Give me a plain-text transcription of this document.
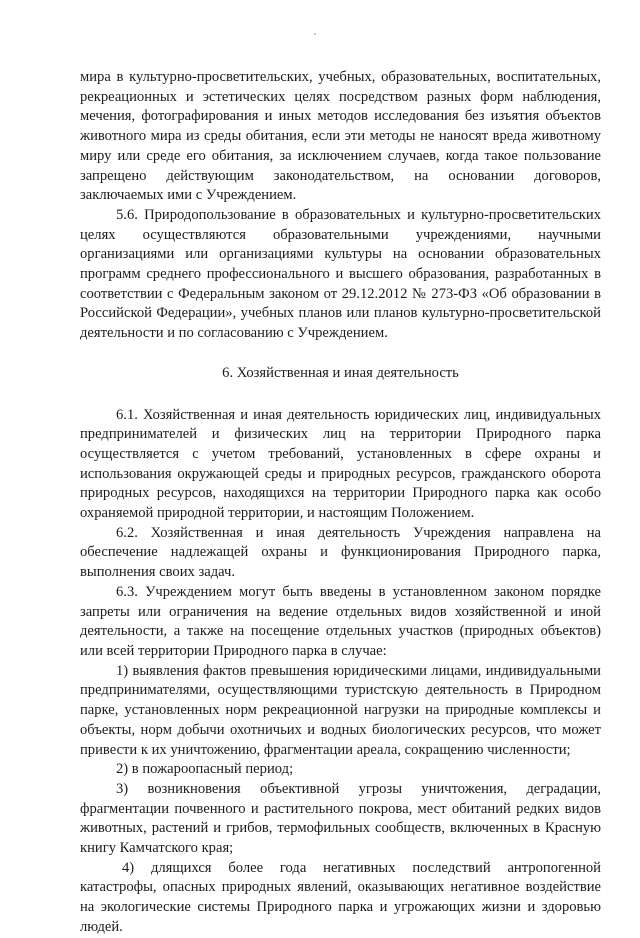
мира в культурно-просветительских, учебных, образовательных, воспитательных, рекреационных и эстетических целях посредством разных форм наблюдения, мечения, фотографирования и иных методов исследования без изъятия объектов животного мира из среды обитания, если эти методы не наносят вреда животному миру или среде его обитания, за исключением случаев, когда такое пользование запрещено действующим законодательством, на основании договоров, заключаемых ими с Учреждением.

5.6. Природопользование в образовательных и культурно-просветительских целях осуществляются образовательными учреждениями, научными организациями или организациями культуры на основании образовательных программ среднего профессионального и высшего образования, разработанных в соответствии с Федеральным законом от 29.12.2012 № 273-ФЗ «Об образовании в Российской Федерации», учебных планов или планов культурно-просветительской деятельности и по согласованию с Учреждением.

6. Хозяйственная и иная деятельность

6.1. Хозяйственная и иная деятельность юридических лиц, индивидуальных предпринимателей и физических лиц на территории Природного парка осуществляется с учетом требований, установленных в сфере охраны и использования окружающей среды и природных ресурсов, гражданского оборота природных ресурсов, находящихся на территории Природного парка как особо охраняемой природной территории, и настоящим Положением.

6.2. Хозяйственная и иная деятельность Учреждения направлена на обеспечение надлежащей охраны и функционирования Природного парка, выполнения своих задач.

6.3. Учреждением могут быть введены в установленном законом порядке запреты или ограничения на ведение отдельных видов хозяйственной и иной деятельности, а также на посещение отдельных участков (природных объектов) или всей территории Природного парка в случае:

1) выявления фактов превышения юридическими лицами, индивидуальными предпринимателями, осуществляющими туристскую деятельность в Природном парке, установленных норм рекреационной нагрузки на природные комплексы и объекты, норм добычи охотничьих и водных биологических ресурсов, что может привести к их уничтожению, фрагментации ареала, сокращению численности;

2) в пожароопасный период;

3) возникновения объективной угрозы уничтожения, деградации, фрагментации почвенного и растительного покрова, мест обитаний редких видов животных, растений и грибов, термофильных сообществ, включенных в Красную книгу Камчатского края;

4) длящихся более года негативных последствий антропогенной катастрофы, опасных природных явлений, оказывающих негативное воздействие на экологические системы Природного парка и угрожающих жизни и здоровью людей.
